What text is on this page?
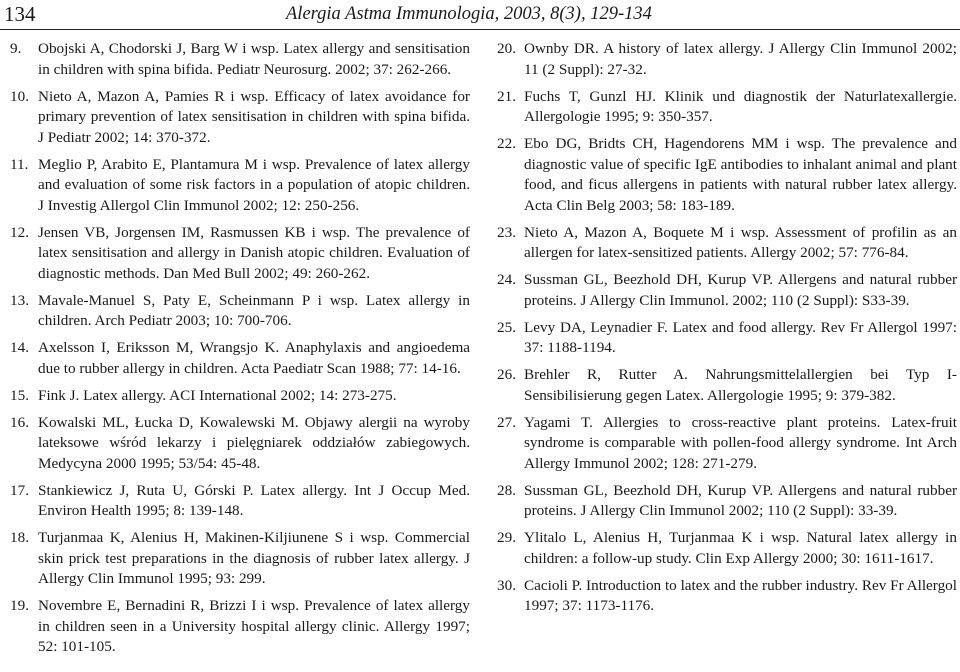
134	Alergia Astma Immunologia, 2003, 8(3), 129-134
9. Obojski A, Chodorski J, Barg W i wsp. Latex allergy and sensitisation in children with spina bifida. Pediatr Neurosurg. 2002; 37: 262-266.
10. Nieto A, Mazon A, Pamies R i wsp. Efficacy of latex avoidance for primary prevention of latex sensitisation in children with spina bifida. J Pediatr 2002; 14: 370-372.
11. Meglio P, Arabito E, Plantamura M i wsp. Prevalence of latex allergy and evaluation of some risk factors in a population of atopic children. J Investig Allergol Clin Immunol 2002; 12: 250-256.
12. Jensen VB, Jorgensen IM, Rasmussen KB i wsp. The prevalence of latex sensitisation and allergy in Danish atopic children. Evaluation of diagnostic methods. Dan Med Bull 2002; 49: 260-262.
13. Mavale-Manuel S, Paty E, Scheinmann P i wsp. Latex allergy in children. Arch Pediatr 2003; 10: 700-706.
14. Axelsson I, Eriksson M, Wrangsjo K. Anaphylaxis and angioedema due to rubber allergy in children. Acta Paediatr Scan 1988; 77: 14-16.
15. Fink J. Latex allergy. ACI International 2002; 14: 273-275.
16. Kowalski ML, Łucka D, Kowalewski M. Objawy alergii na wyroby lateksowe wśród lekarzy i pielęgniarek oddziałów zabiegowych. Medycyna 2000 1995; 53/54: 45-48.
17. Stankiewicz J, Ruta U, Górski P. Latex allergy. Int J Occup Med. Environ Health 1995; 8: 139-148.
18. Turjanmaa K, Alenius H, Makinen-Kiljiunene S i wsp. Commercial skin prick test preparations in the diagnosis of rubber latex allergy. J Allergy Clin Immunol 1995; 93: 299.
19. Novembre E, Bernadini R, Brizzi I i wsp. Prevalence of latex allergy in children seen in a University hospital allergy clinic. Allergy 1997; 52: 101-105.
20. Ownby DR. A history of latex allergy. J Allergy Clin Immunol 2002; 11 (2 Suppl): 27-32.
21. Fuchs T, Gunzl HJ. Klinik und diagnostik der Naturlatexallergie. Allergologie 1995; 9: 350-357.
22. Ebo DG, Bridts CH, Hagendorens MM i wsp. The prevalence and diagnostic value of specific IgE antibodies to inhalant animal and plant food, and ficus allergens in patients with natural rubber latex allergy. Acta Clin Belg 2003; 58: 183-189.
23. Nieto A, Mazon A, Boquete M i wsp. Assessment of profilin as an allergen for latex-sensitized patients. Allergy 2002; 57: 776-84.
24. Sussman GL, Beezhold DH, Kurup VP. Allergens and natural rubber proteins. J Allergy Clin Immunol. 2002; 110 (2 Suppl): S33-39.
25. Levy DA, Leynadier F. Latex and food allergy. Rev Fr Allergol 1997: 37: 1188-1194.
26. Brehler R, Rutter A. Nahrungsmittelallergien bei Typ I-Sensibilisierung gegen Latex. Allergologie 1995; 9: 379-382.
27. Yagami T. Allergies to cross-reactive plant proteins. Latex-fruit syndrome is comparable with pollen-food allergy syndrome. Int Arch Allergy Immunol 2002; 128: 271-279.
28. Sussman GL, Beezhold DH, Kurup VP. Allergens and natural rubber proteins. J Allergy Clin Immunol 2002; 110 (2 Suppl): 33-39.
29. Ylitalo L, Alenius H, Turjanmaa K i wsp. Natural latex allergy in children: a follow-up study. Clin Exp Allergy 2000; 30: 1611-1617.
30. Cacioli P. Introduction to latex and the rubber industry. Rev Fr Allergol 1997; 37: 1173-1176.
